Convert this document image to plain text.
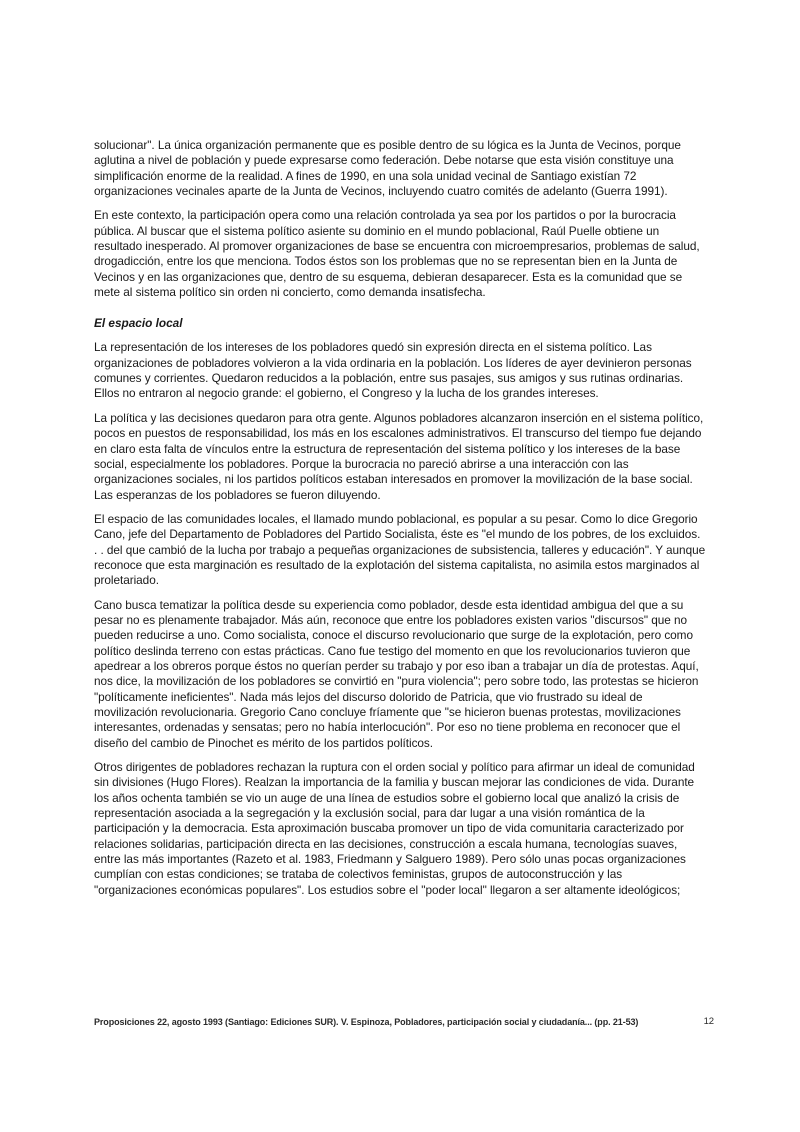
solucionar". La única organización permanente que es posible dentro de su lógica es la Junta de Vecinos, porque aglutina a nivel de población y puede expresarse como federación. Debe notarse que esta visión constituye una simplificación enorme de la realidad. A fines de 1990, en una sola unidad vecinal de Santiago existían 72 organizaciones vecinales aparte de la Junta de Vecinos, incluyendo cuatro comités de adelanto (Guerra 1991).

En este contexto, la participación opera como una relación controlada ya sea por los partidos o por la burocracia pública. Al buscar que el sistema político asiente su dominio en el mundo poblacional, Raúl Puelle obtiene un resultado inesperado. Al promover organizaciones de base se encuentra con microempresarios, problemas de salud, drogadicción, entre los que menciona. Todos éstos son los problemas que no se representan bien en la Junta de Vecinos y en las organizaciones que, dentro de su esquema, debieran desaparecer. Esta es la comunidad que se mete al sistema político sin orden ni concierto, como demanda insatisfecha.

El espacio local

La representación de los intereses de los pobladores quedó sin expresión directa en el sistema político. Las organizaciones de pobladores volvieron a la vida ordinaria en la población. Los líderes de ayer devinieron personas comunes y corrientes. Quedaron reducidos a la población, entre sus pasajes, sus amigos y sus rutinas ordinarias. Ellos no entraron al negocio grande: el gobierno, el Congreso y la lucha de los grandes intereses.

La política y las decisiones quedaron para otra gente. Algunos pobladores alcanzaron inserción en el sistema político, pocos en puestos de responsabilidad, los más en los escalones administrativos. El transcurso del tiempo fue dejando en claro esta falta de vínculos entre la estructura de representación del sistema político y los intereses de la base social, especialmente los pobladores. Porque la burocracia no pareció abrirse a una interacción con las organizaciones sociales, ni los partidos políticos estaban interesados en promover la movilización de la base social. Las esperanzas de los pobladores se fueron diluyendo.

El espacio de las comunidades locales, el llamado mundo poblacional, es popular a su pesar. Como lo dice Gregorio Cano, jefe del Departamento de Pobladores del Partido Socialista, éste es "el mundo de los pobres, de los excluidos. . . del que cambió de la lucha por trabajo a pequeñas organizaciones de subsistencia, talleres y educación". Y aunque reconoce que esta marginación es resultado de la explotación del sistema capitalista, no asimila estos marginados al proletariado.

Cano busca tematizar la política desde su experiencia como poblador, desde esta identidad ambigua del que a su pesar no es plenamente trabajador. Más aún, reconoce que entre los pobladores existen varios "discursos" que no pueden reducirse a uno. Como socialista, conoce el discurso revolucionario que surge de la explotación, pero como político deslinda terreno con estas prácticas. Cano fue testigo del momento en que los revolucionarios tuvieron que apedrear a los obreros porque éstos no querían perder su trabajo y por eso iban a trabajar un día de protestas. Aquí, nos dice, la movilización de los pobladores se convirtió en "pura violencia"; pero sobre todo, las protestas se hicieron "políticamente ineficientes". Nada más lejos del discurso dolorido de Patricia, que vio frustrado su ideal de movilización revolucionaria. Gregorio Cano concluye fríamente que "se hicieron buenas protestas, movilizaciones interesantes, ordenadas y sensatas; pero no había interlocución". Por eso no tiene problema en reconocer que el diseño del cambio de Pinochet es mérito de los partidos políticos.

Otros dirigentes de pobladores rechazan la ruptura con el orden social y político para afirmar un ideal de comunidad sin divisiones (Hugo Flores). Realzan la importancia de la familia y buscan mejorar las condiciones de vida. Durante los años ochenta también se vio un auge de una línea de estudios sobre el gobierno local que analizó la crisis de representación asociada a la segregación y la exclusión social, para dar lugar a una visión romántica de la participación y la democracia. Esta aproximación buscaba promover un tipo de vida comunitaria caracterizado por relaciones solidarias, participación directa en las decisiones, construcción a escala humana, tecnologías suaves, entre las más importantes (Razeto et al. 1983, Friedmann y Salguero 1989). Pero sólo unas pocas organizaciones cumplían con estas condiciones; se trataba de colectivos feministas, grupos de autoconstrucción y las "organizaciones económicas populares". Los estudios sobre el "poder local" llegaron a ser altamente ideológicos;

Proposiciones 22, agosto 1993 (Santiago: Ediciones SUR). V. Espinoza, Pobladores, participación social y ciudadanía... (pp. 21-53)	12
